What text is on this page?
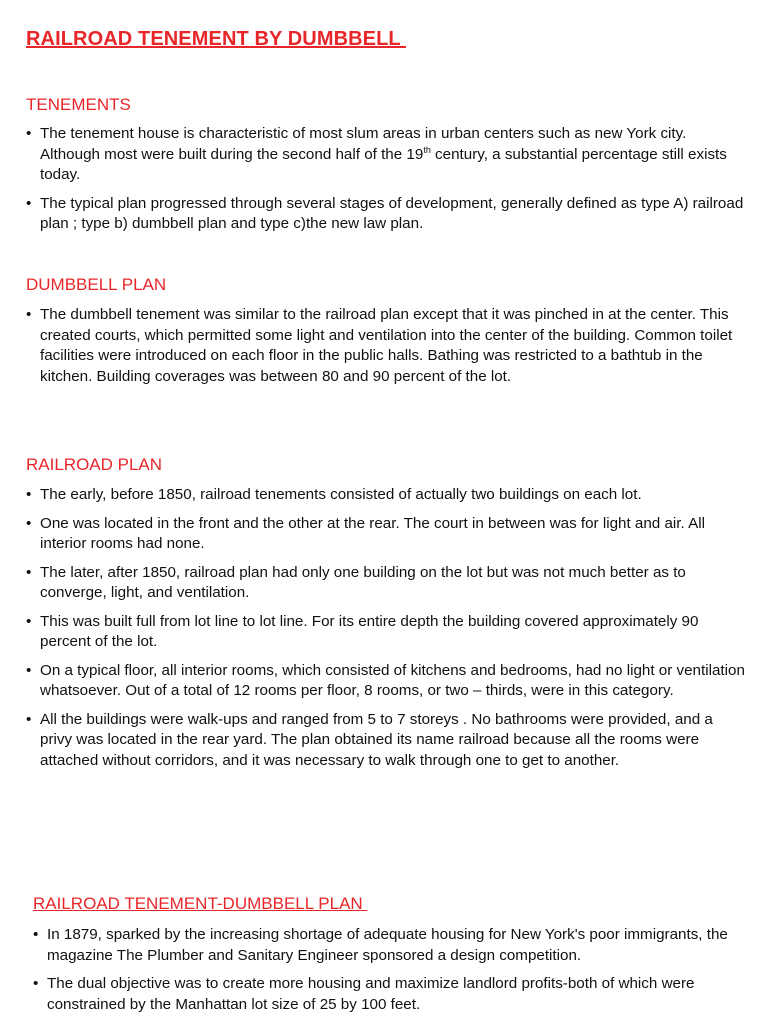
RAILROAD TENEMENT BY DUMBBELL
TENEMENTS
• The tenement house is characteristic of most slum areas in urban centers such as new York city. Although most were built during the second half of the 19th century, a substantial percentage still exists today.
• The typical plan progressed through several stages of development, generally defined as type A) railroad plan ; type b) dumbbell plan and type c)the new law plan.
DUMBBELL PLAN
• The dumbbell tenement was similar to the railroad plan except that it was pinched in at the center. This created courts, which permitted some light and ventilation into the center of the building. Common toilet facilities were introduced on each floor in the public halls. Bathing was restricted to a bathtub in the kitchen. Building coverages was between 80 and 90 percent of the lot.
RAILROAD PLAN
• The early, before 1850, railroad tenements consisted of actually two buildings on each lot.
• One was located in the front and the other at the rear. The court in between was for light and air. All interior rooms had none.
• The later, after 1850, railroad plan had only one building on the lot but was not much better as to converge, light, and ventilation.
• This was built full from lot line to lot line. For its entire depth the building covered approximately 90 percent of the lot.
• On a typical floor, all interior rooms, which consisted of kitchens and bedrooms, had no light or ventilation whatsoever. Out of a total of 12 rooms per floor, 8 rooms, or two – thirds, were in this category.
• All the buildings were walk-ups and ranged from 5 to 7 storeys . No bathrooms were provided, and a privy was located in the rear yard. The plan obtained its name railroad because all the rooms were attached without corridors, and it was necessary to walk through one to get to another.
RAILROAD TENEMENT-DUMBBELL PLAN
• In 1879, sparked by the increasing shortage of adequate housing for New York's poor immigrants, the magazine The Plumber and Sanitary Engineer sponsored a design competition.
• The dual objective was to create more housing and maximize landlord profits-both of which were constrained by the Manhattan lot size of 25 by 100 feet.
